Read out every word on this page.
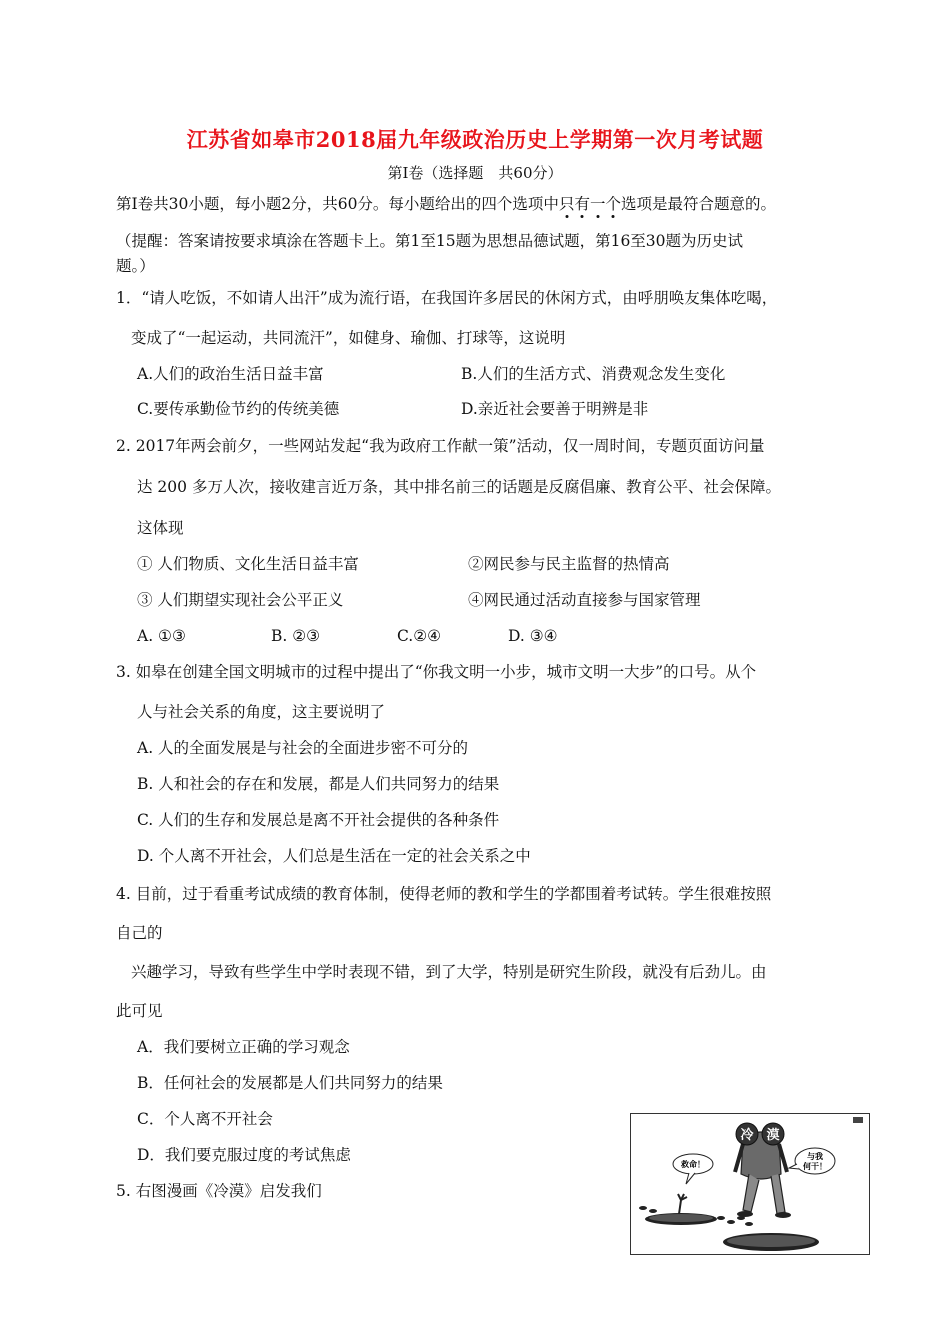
江苏省如皋市2018届九年级政治历史上学期第一次月考试题
第Ⅰ卷（选择题　共60分）
第Ⅰ卷共30小题，每小题2分，共60分。每小题给出的四个选项中只有一个选项是最符合题意的。
（提醒：答案请按要求填涂在答题卡上。第1至15题为思想品德试题，第16至30题为历史试
题。）
1．“请人吃饭，不如请人出汗”成为流行语，在我国许多居民的休闲方式，由呼朋唤友集体吃喝，
变成了“一起运动，共同流汗”，如健身、瑜伽、打球等，这说明
A.人们的政治生活日益丰富	B.人们的生活方式、消费观念发生变化
C.要传承勤俭节约的传统美德	D.亲近社会要善于明辨是非
2. 2017年两会前夕，一些网站发起“我为政府工作献一策”活动，仅一周时间，专题页面访问量
达 200 多万人次，接收建言近万条，其中排名前三的话题是反腐倡廉、教育公平、社会保障。
这体现
① 人们物质、文化生活日益丰富	②网民参与民主监督的热情高
③ 人们期望实现社会公平正义	④网民通过活动直接参与国家管理
A. ①③	B. ②③	C.②④	D. ③④
3. 如皋在创建全国文明城市的过程中提出了“你我文明一小步，城市文明一大步”的口号。从个
人与社会关系的角度，这主要说明了
A. 人的全面发展是与社会的全面进步密不可分的
B. 人和社会的存在和发展，都是人们共同努力的结果
C. 人们的生存和发展总是离不开社会提供的各种条件
D. 个人离不开社会，人们总是生活在一定的社会关系之中
4. 目前，过于看重考试成绩的教育体制，使得老师的教和学生的学都围着考试转。学生很难按照
自己的
兴趣学习，导致有些学生中学时表现不错，到了大学，特别是研究生阶段，就没有后劲儿。由
此可见
A．我们要树立正确的学习观念
B．任何社会的发展都是人们共同努力的结果
C．个人离不开社会
D．我们要克服过度的考试焦虑
5. 右图漫画《冷漠》启发我们
冷 漠
救命！
与我
何干！
